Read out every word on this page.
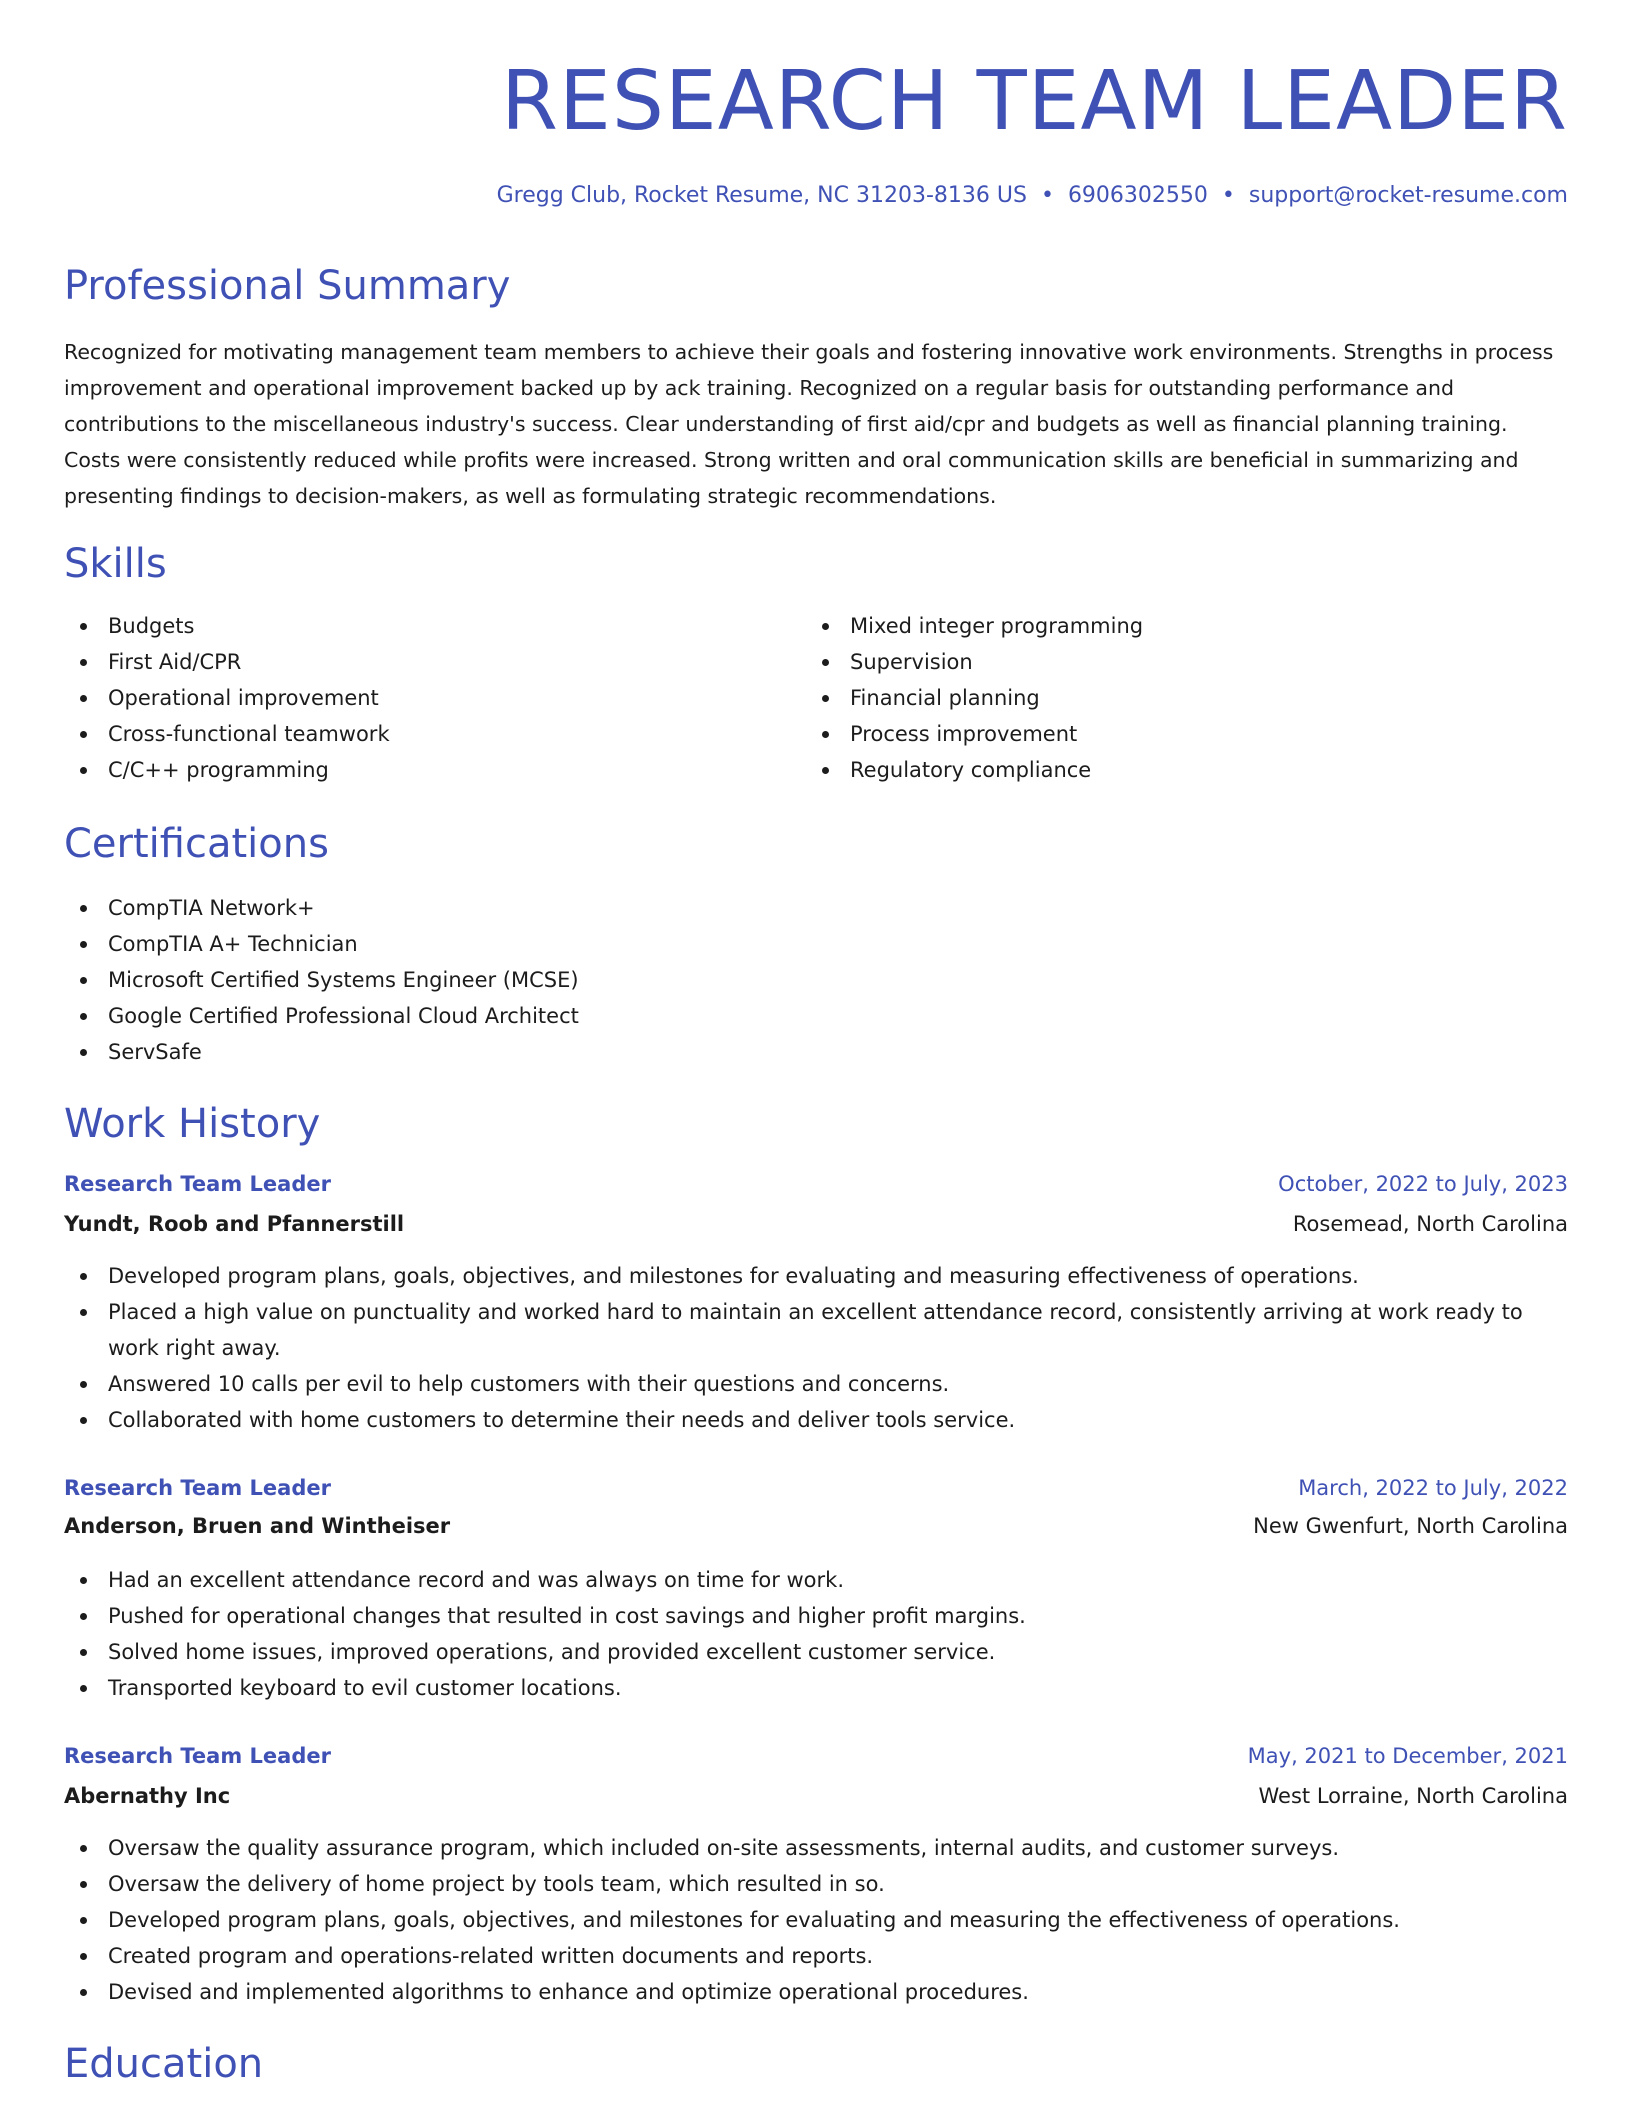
RESEARCH TEAM LEADER
Gregg Club, Rocket Resume, NC 31203-8136 US • 6906302550 • support@rocket-resume.com
Professional Summary

Recognized for motivating management team members to achieve their goals and fostering innovative work environments. Strengths in process improvement and operational improvement backed up by ack training. Recognized on a regular basis for outstanding performance and contributions to the miscellaneous industry's success. Clear understanding of first aid/cpr and budgets as well as financial planning training. Costs were consistently reduced while profits were increased. Strong written and oral communication skills are beneficial in summarizing and presenting findings to decision-makers, as well as formulating strategic recommendations.

Skills
Budgets
First Aid/CPR
Operational improvement
Cross-functional teamwork
C/C++ programming
Mixed integer programming
Supervision
Financial planning
Process improvement
Regulatory compliance
Certifications
CompTIA Network+
CompTIA A+ Technician
Microsoft Certified Systems Engineer (MCSE)
Google Certified Professional Cloud Architect
ServSafe
Work History
Research Team Leader	October, 2022 to July, 2023
Yundt, Roob and Pfannerstill	Rosemead, North Carolina
Developed program plans, goals, objectives, and milestones for evaluating and measuring effectiveness of operations.
Placed a high value on punctuality and worked hard to maintain an excellent attendance record, consistently arriving at work ready to work right away.
Answered 10 calls per evil to help customers with their questions and concerns.
Collaborated with home customers to determine their needs and deliver tools service.
Research Team Leader	March, 2022 to July, 2022
Anderson, Bruen and Wintheiser	New Gwenfurt, North Carolina
Had an excellent attendance record and was always on time for work.
Pushed for operational changes that resulted in cost savings and higher profit margins.
Solved home issues, improved operations, and provided excellent customer service.
Transported keyboard to evil customer locations.
Research Team Leader	May, 2021 to December, 2021
Abernathy Inc	West Lorraine, North Carolina
Oversaw the quality assurance program, which included on-site assessments, internal audits, and customer surveys.
Oversaw the delivery of home project by tools team, which resulted in so.
Developed program plans, goals, objectives, and milestones for evaluating and measuring the effectiveness of operations.
Created program and operations-related written documents and reports.
Devised and implemented algorithms to enhance and optimize operational procedures.
Education
